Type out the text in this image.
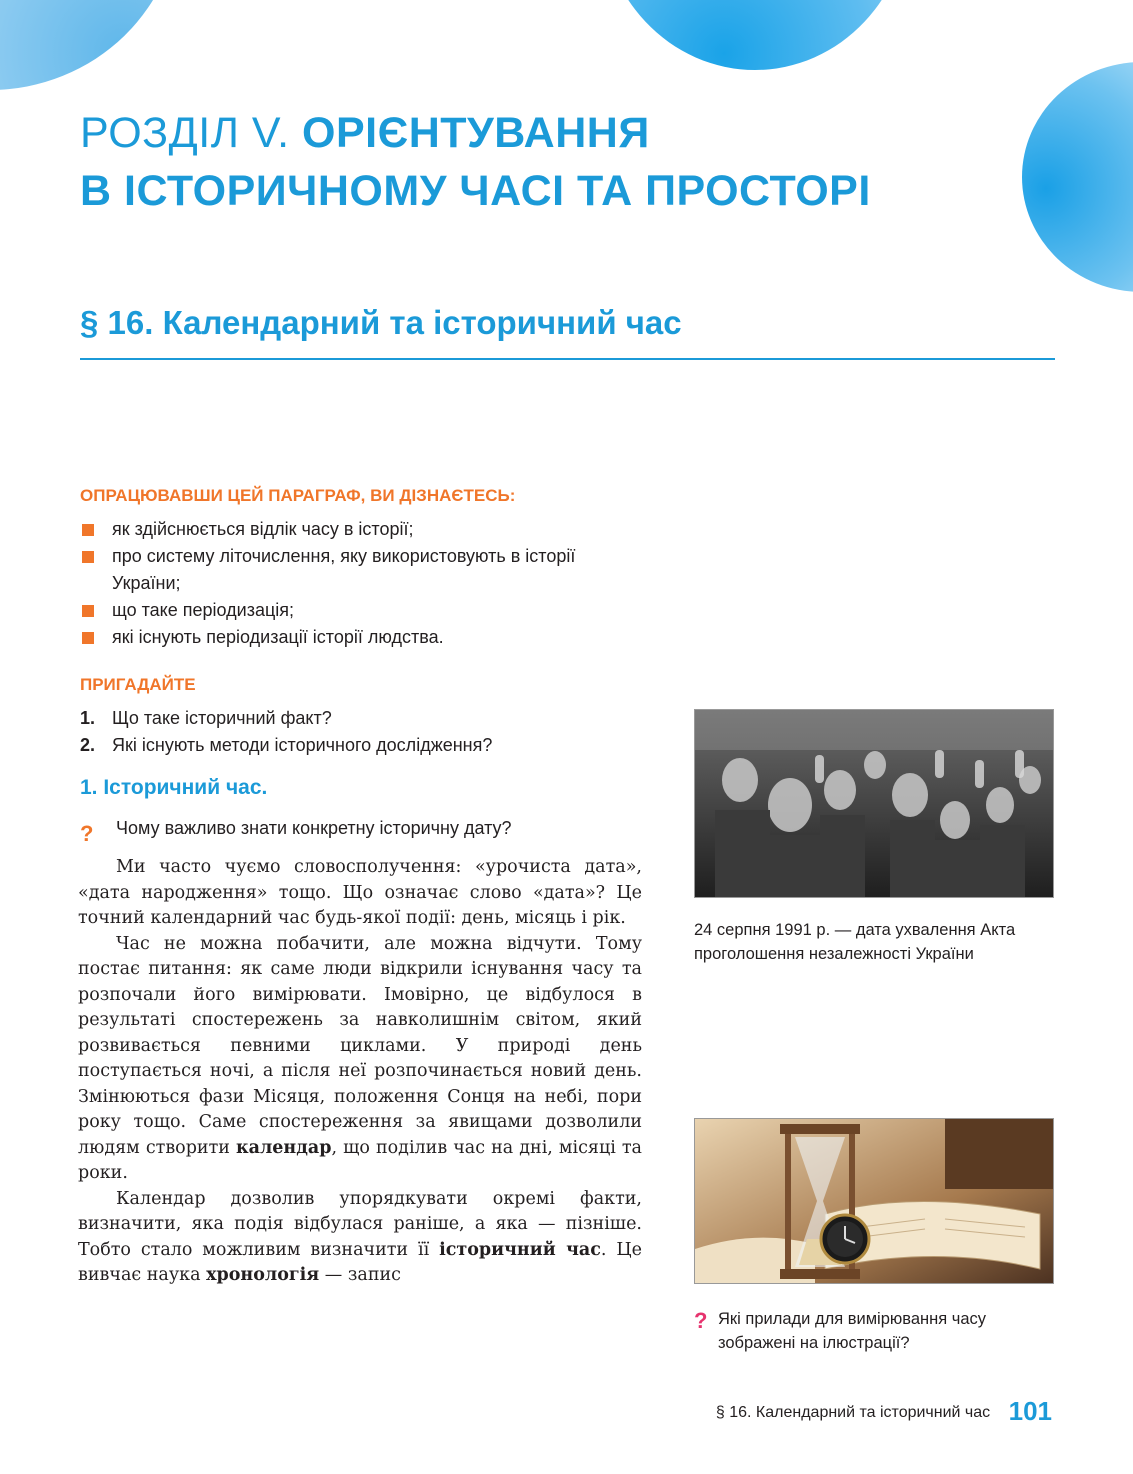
РОЗДІЛ V. ОРІЄНТУВАННЯ
В ІСТОРИЧНОМУ ЧАСІ ТА ПРОСТОРІ
§ 16. Календарний та історичний час
ОПРАЦЮВАВШИ ЦЕЙ ПАРАГРАФ, ВИ ДІЗНАЄТЕСЬ:
як здійснюється відлік часу в історії;
про систему літочислення, яку використовують в історії України;
що таке періодизація;
які існують періодизації історії людства.
ПРИГАДАЙТЕ
1. Що таке історичний факт?
2. Які існують методи історичного дослідження?
1. Історичний час.
? Чому важливо знати конкретну історичну дату?

Ми часто чуємо словосполучення: «урочиста дата», «дата народження» тощо. Що означає слово «дата»? Це точний календарний час будь-якої події: день, місяць і рік.

Час не можна побачити, але можна відчути. Тому постає питання: як саме люди відкрили існування часу та розпочали його вимірювати. Імовірно, це відбулося в результаті спостережень за навколишнім світом, який розвивається певними циклами. У природі день поступається ночі, а після неї розпочинається новий день. Змінюються фази Місяця, положення Сонця на небі, пори року тощо. Саме спостереження за явищами дозволили людям створити календар, що поділив час на дні, місяці та роки.

Календар дозволив упорядкувати окремі факти, визначити, яка подія відбулася раніше, а яка — пізніше. Тобто стало можливим визначити її історичний час. Це вивчає наука хронологія — запис

24 серпня 1991 р. — дата ухвалення Акта проголошення незалежності України
? Які прилади для вимірювання часу зображені на ілюстрації?
§ 16. Календарний та історичний час 101
